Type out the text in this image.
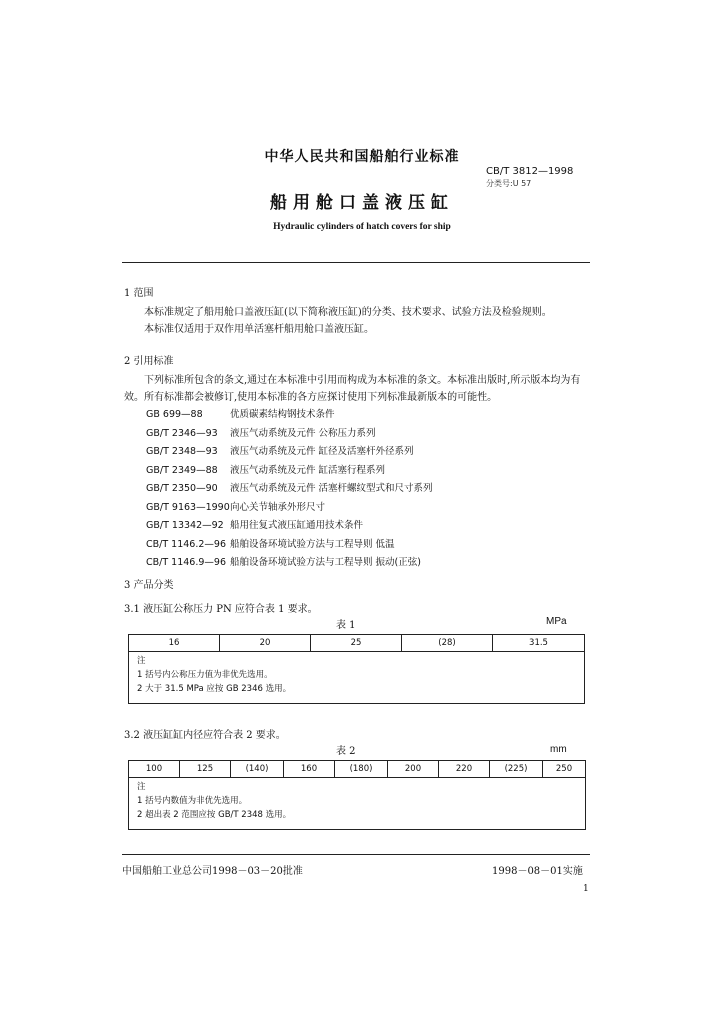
中华人民共和国船舶行业标准
CB/T 3812—1998
分类号:U 57
船用舱口盖液压缸
Hydraulic cylinders of hatch covers for ship
1 范围

本标准规定了船用舱口盖液压缸(以下简称液压缸)的分类、技术要求、试验方法及检验规则。

本标准仅适用于双作用单活塞杆船用舱口盖液压缸。

2 引用标准

下列标准所包含的条文,通过在本标准中引用而构成为本标准的条文。本标准出版时,所示版本均为有效。所有标准都会被修订,使用本标准的各方应探讨使用下列标准最新版本的可能性。

GB 699—88	优质碳素结构钢技术条件
GB/T 2346—93 液压气动系统及元件 公称压力系列
GB/T 2348—93 液压气动系统及元件 缸径及活塞杆外径系列
GB/T 2349—88 液压气动系统及元件 缸活塞行程系列
GB/T 2350—90 液压气动系统及元件 活塞杆螺纹型式和尺寸系列
GB/T 9163—1990向心关节轴承外形尺寸
GB/T 13342—92 船用往复式液压缸通用技术条件
CB/T 1146.2—96 船舶设备环境试验方法与工程导则 低温
CB/T 1146.9—96 船舶设备环境试验方法与工程导则 振动(正弦)
3 产品分类
3.1 液压缸公称压力 PN 应符合表 1 要求。
表 1	MPa
16	20	25	(28)	31.5
注
1 括号内公称压力值为非优先选用。
2 大于 31.5 MPa 应按 GB 2346 选用。
3.2 液压缸缸内径应符合表 2 要求。
表 2	mm
100	125	(140)	160	(180)	200	220	(225)	250
注
1 括号内数值为非优先选用。
2 超出表 2 范围应按 GB/T 2348 选用。
中国船舶工业总公司1998－03－20批准	1998－08－01实施
1
